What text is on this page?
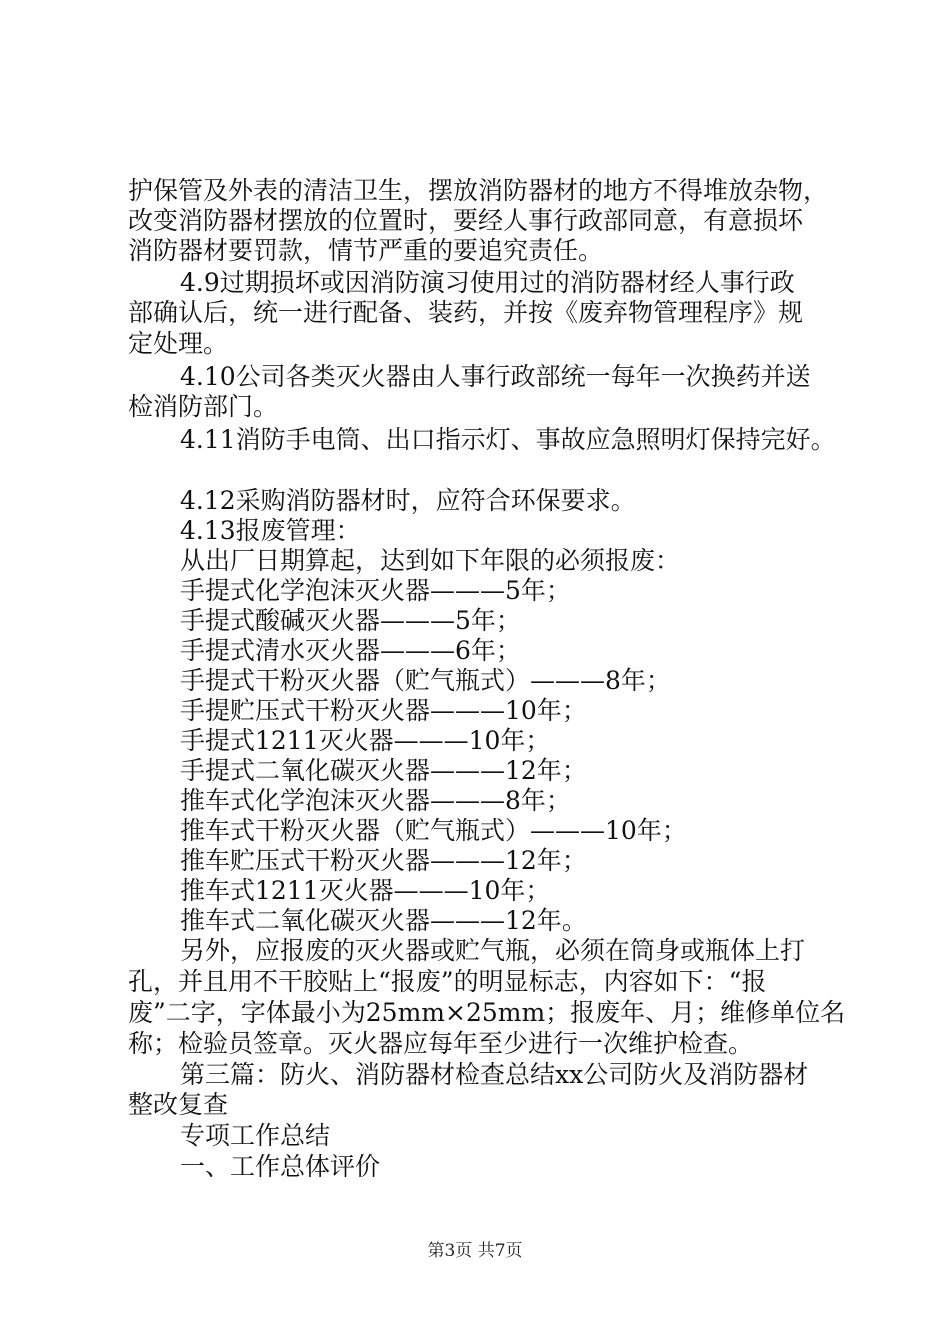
护保管及外表的清洁卫生，摆放消防器材的地方不得堆放杂物，
改变消防器材摆放的位置时，要经人事行政部同意，有意损坏
消防器材要罚款，情节严重的要追究责任。
4.9过期损坏或因消防演习使用过的消防器材经人事行政
部确认后，统一进行配备、装药，并按《废弃物管理程序》规
定处理。
4.10公司各类灭火器由人事行政部统一每年一次换药并送
检消防部门。
4.11消防手电筒、出口指示灯、事故应急照明灯保持完好。
4.12采购消防器材时，应符合环保要求。
4.13报废管理：
从出厂日期算起，达到如下年限的必须报废：
手提式化学泡沫灭火器———5年；
手提式酸碱灭火器———5年；
手提式清水灭火器———6年；
手提式干粉灭火器（贮气瓶式）———8年；
手提贮压式干粉灭火器———10年；
手提式1211灭火器———10年；
手提式二氧化碳灭火器———12年；
推车式化学泡沫灭火器———8年；
推车式干粉灭火器（贮气瓶式）———10年；
推车贮压式干粉灭火器———12年；
推车式1211灭火器———10年；
推车式二氧化碳灭火器———12年。
另外，应报废的灭火器或贮气瓶，必须在筒身或瓶体上打
孔，并且用不干胶贴上“报废”的明显标志，内容如下：“报
废”二字，字体最小为25mm×25mm；报废年、月；维修单位名
称；检验员签章。灭火器应每年至少进行一次维护检查。
第三篇：防火、消防器材检查总结xx公司防火及消防器材
整改复查
专项工作总结
一、工作总体评价
第3页 共7页
